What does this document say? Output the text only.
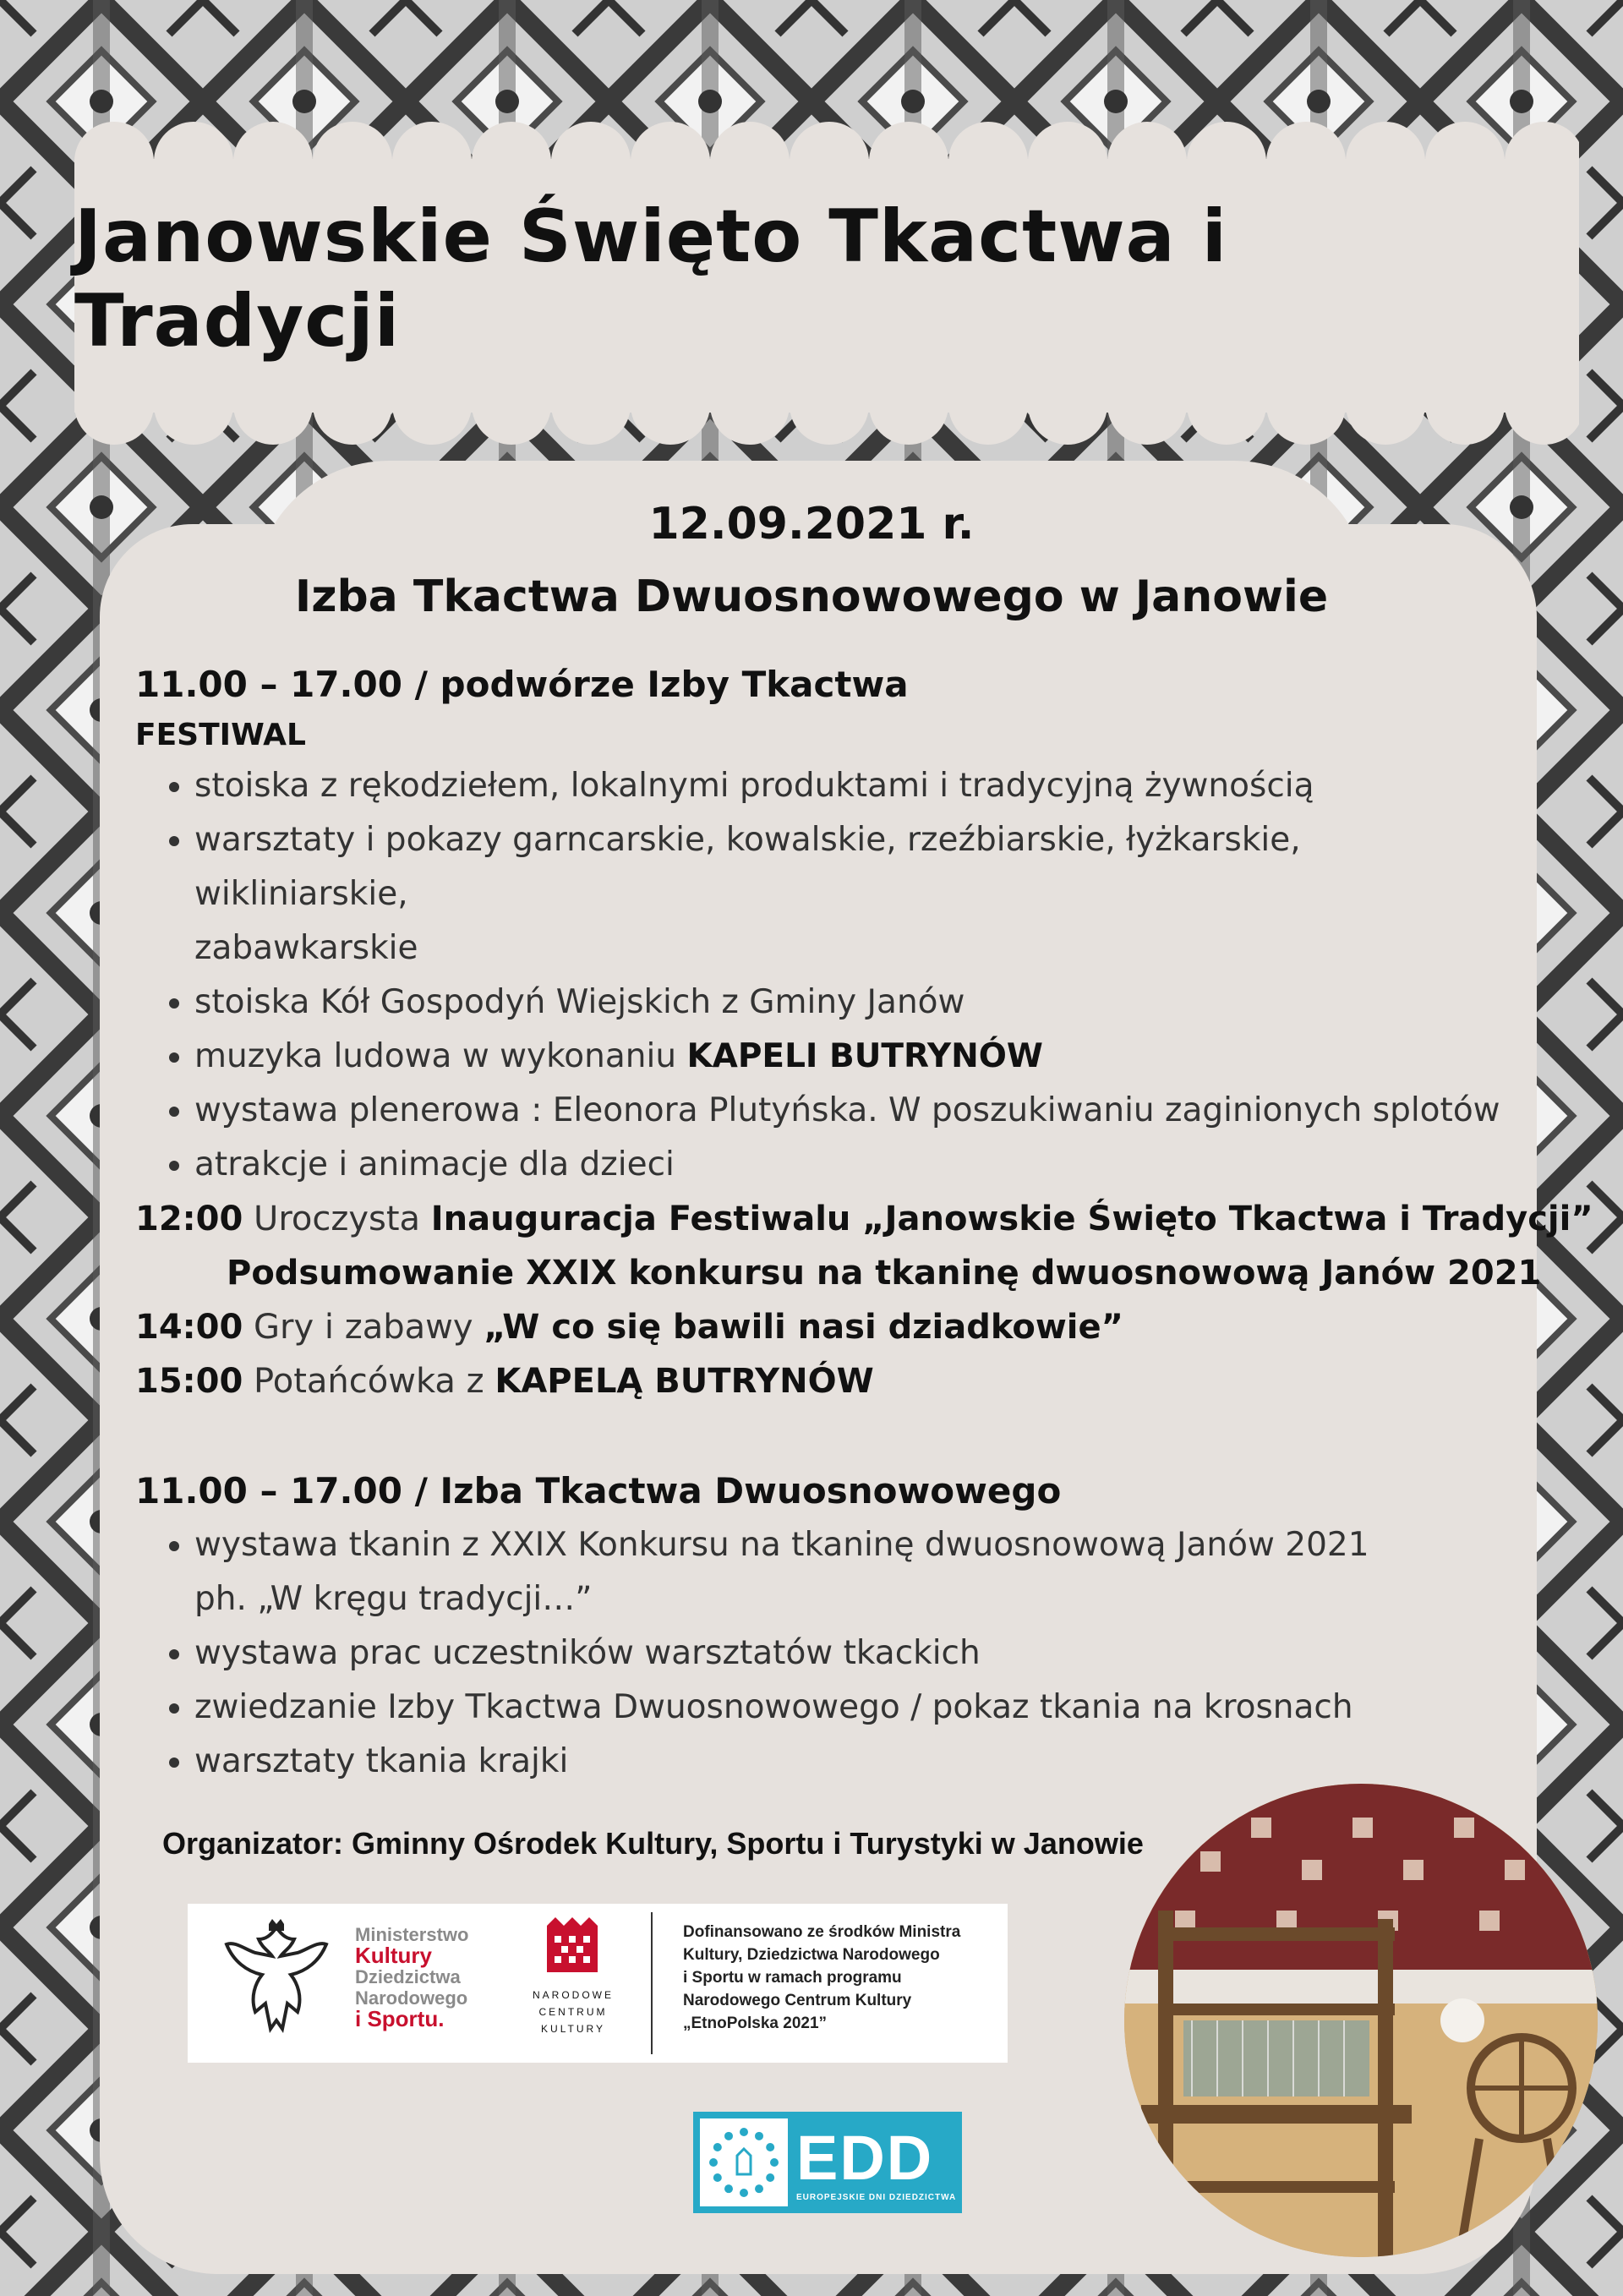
Janowskie Święto Tkactwa i Tradycji
12.09.2021 r.
Izba Tkactwa Dwuosnowowego w Janowie
11.00 – 17.00 / podwórze Izby Tkactwa
FESTIWAL
• stoiska z rękodziełem, lokalnymi produktami i tradycyjną żywnością
• warsztaty i pokazy garncarskie, kowalskie, rzeźbiarskie, łyżkarskie, wikliniarskie,
zabawkarskie
• stoiska Kół Gospodyń Wiejskich z Gminy Janów
• muzyka ludowa w wykonaniu KAPELI BUTRYNÓW
• wystawa plenerowa : Eleonora Plutyńska. W poszukiwaniu zaginionych splotów
• atrakcje i animacje dla dzieci
12:00 Uroczysta Inauguracja Festiwalu „Janowskie Święto Tkactwa i Tradycji”
Podsumowanie XXIX konkursu na tkaninę dwuosnowową Janów 2021
14:00 Gry i zabawy „W co się bawili nasi dziadkowie”
15:00 Potańcówka z KAPELĄ BUTRYNÓW
11.00 – 17.00 / Izba Tkactwa Dwuosnowowego
• wystawa tkanin z XXIX Konkursu na tkaninę dwuosnowową Janów 2021
ph. „W kręgu tradycji…”
• wystawa prac uczestników warsztatów tkackich
• zwiedzanie Izby Tkactwa Dwuosnowowego / pokaz tkania na krosnach
• warsztaty tkania krajki
Organizator: Gminny Ośrodek Kultury, Sportu i Turystyki w Janowie
Ministerstwo
Kultury
Dziedzictwa
Narodowego
i Sportu.
NARODOWE
CENTRUM
KULTURY
Dofinansowano ze środków Ministra
Kultury, Dziedzictwa Narodowego
i Sportu w ramach programu
Narodowego Centrum Kultury
„EtnoPolska 2021”
EDD
EUROPEJSKIE DNI DZIEDZICTWA
